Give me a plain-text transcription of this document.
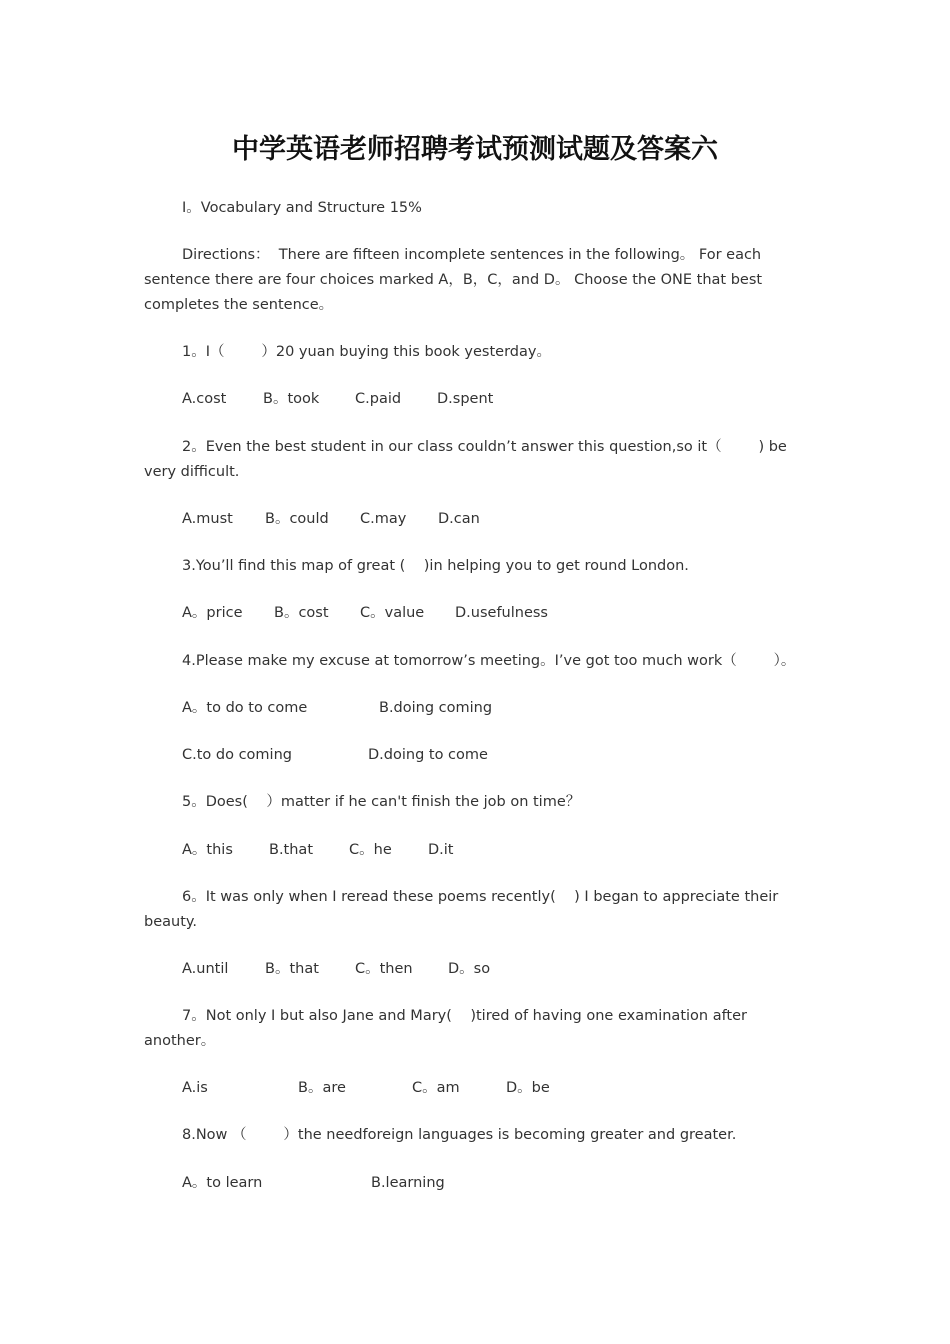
中学英语老师招聘考试预测试题及答案六
Ⅰ。Vocabulary and Structure 15%
Directions：  There are fifteen incomplete sentences in the following。 For each
sentence there are four choices marked A，B，C，and D。 Choose the ONE that best
completes the sentence。
1。I（        ）20 yuan buying this book yesterday。
A.cost	B。took C.paid D.spent
2。Even the best student in our class couldn’t answer this question,so it（        ) be
very difficult.
A.must B。could C.may D.can
3.You’ll find this map of great (    )in helping you to get round London.
A。price B。cost C。value D.usefulness
4.Please make my excuse at tomorrow’s meeting。I’ve got too much work（        ）。
A。to do to come	B.doing coming
C.to do coming	D.doing to come
5。Does(    ）matter if he can't finish the job on time？
A。this B.that C。he	D.it
6。It was only when I reread these poems recently(    ) I began to appreciate their
beauty.
A.until	B。that C。then D。so
7。Not only I but also Jane and Mary(    )tired of having one examination after
another。
A.is	B。are	C。am	D。be
8.Now （        ）the needforeign languages is becoming greater and greater.
A。to learn	B.learning
